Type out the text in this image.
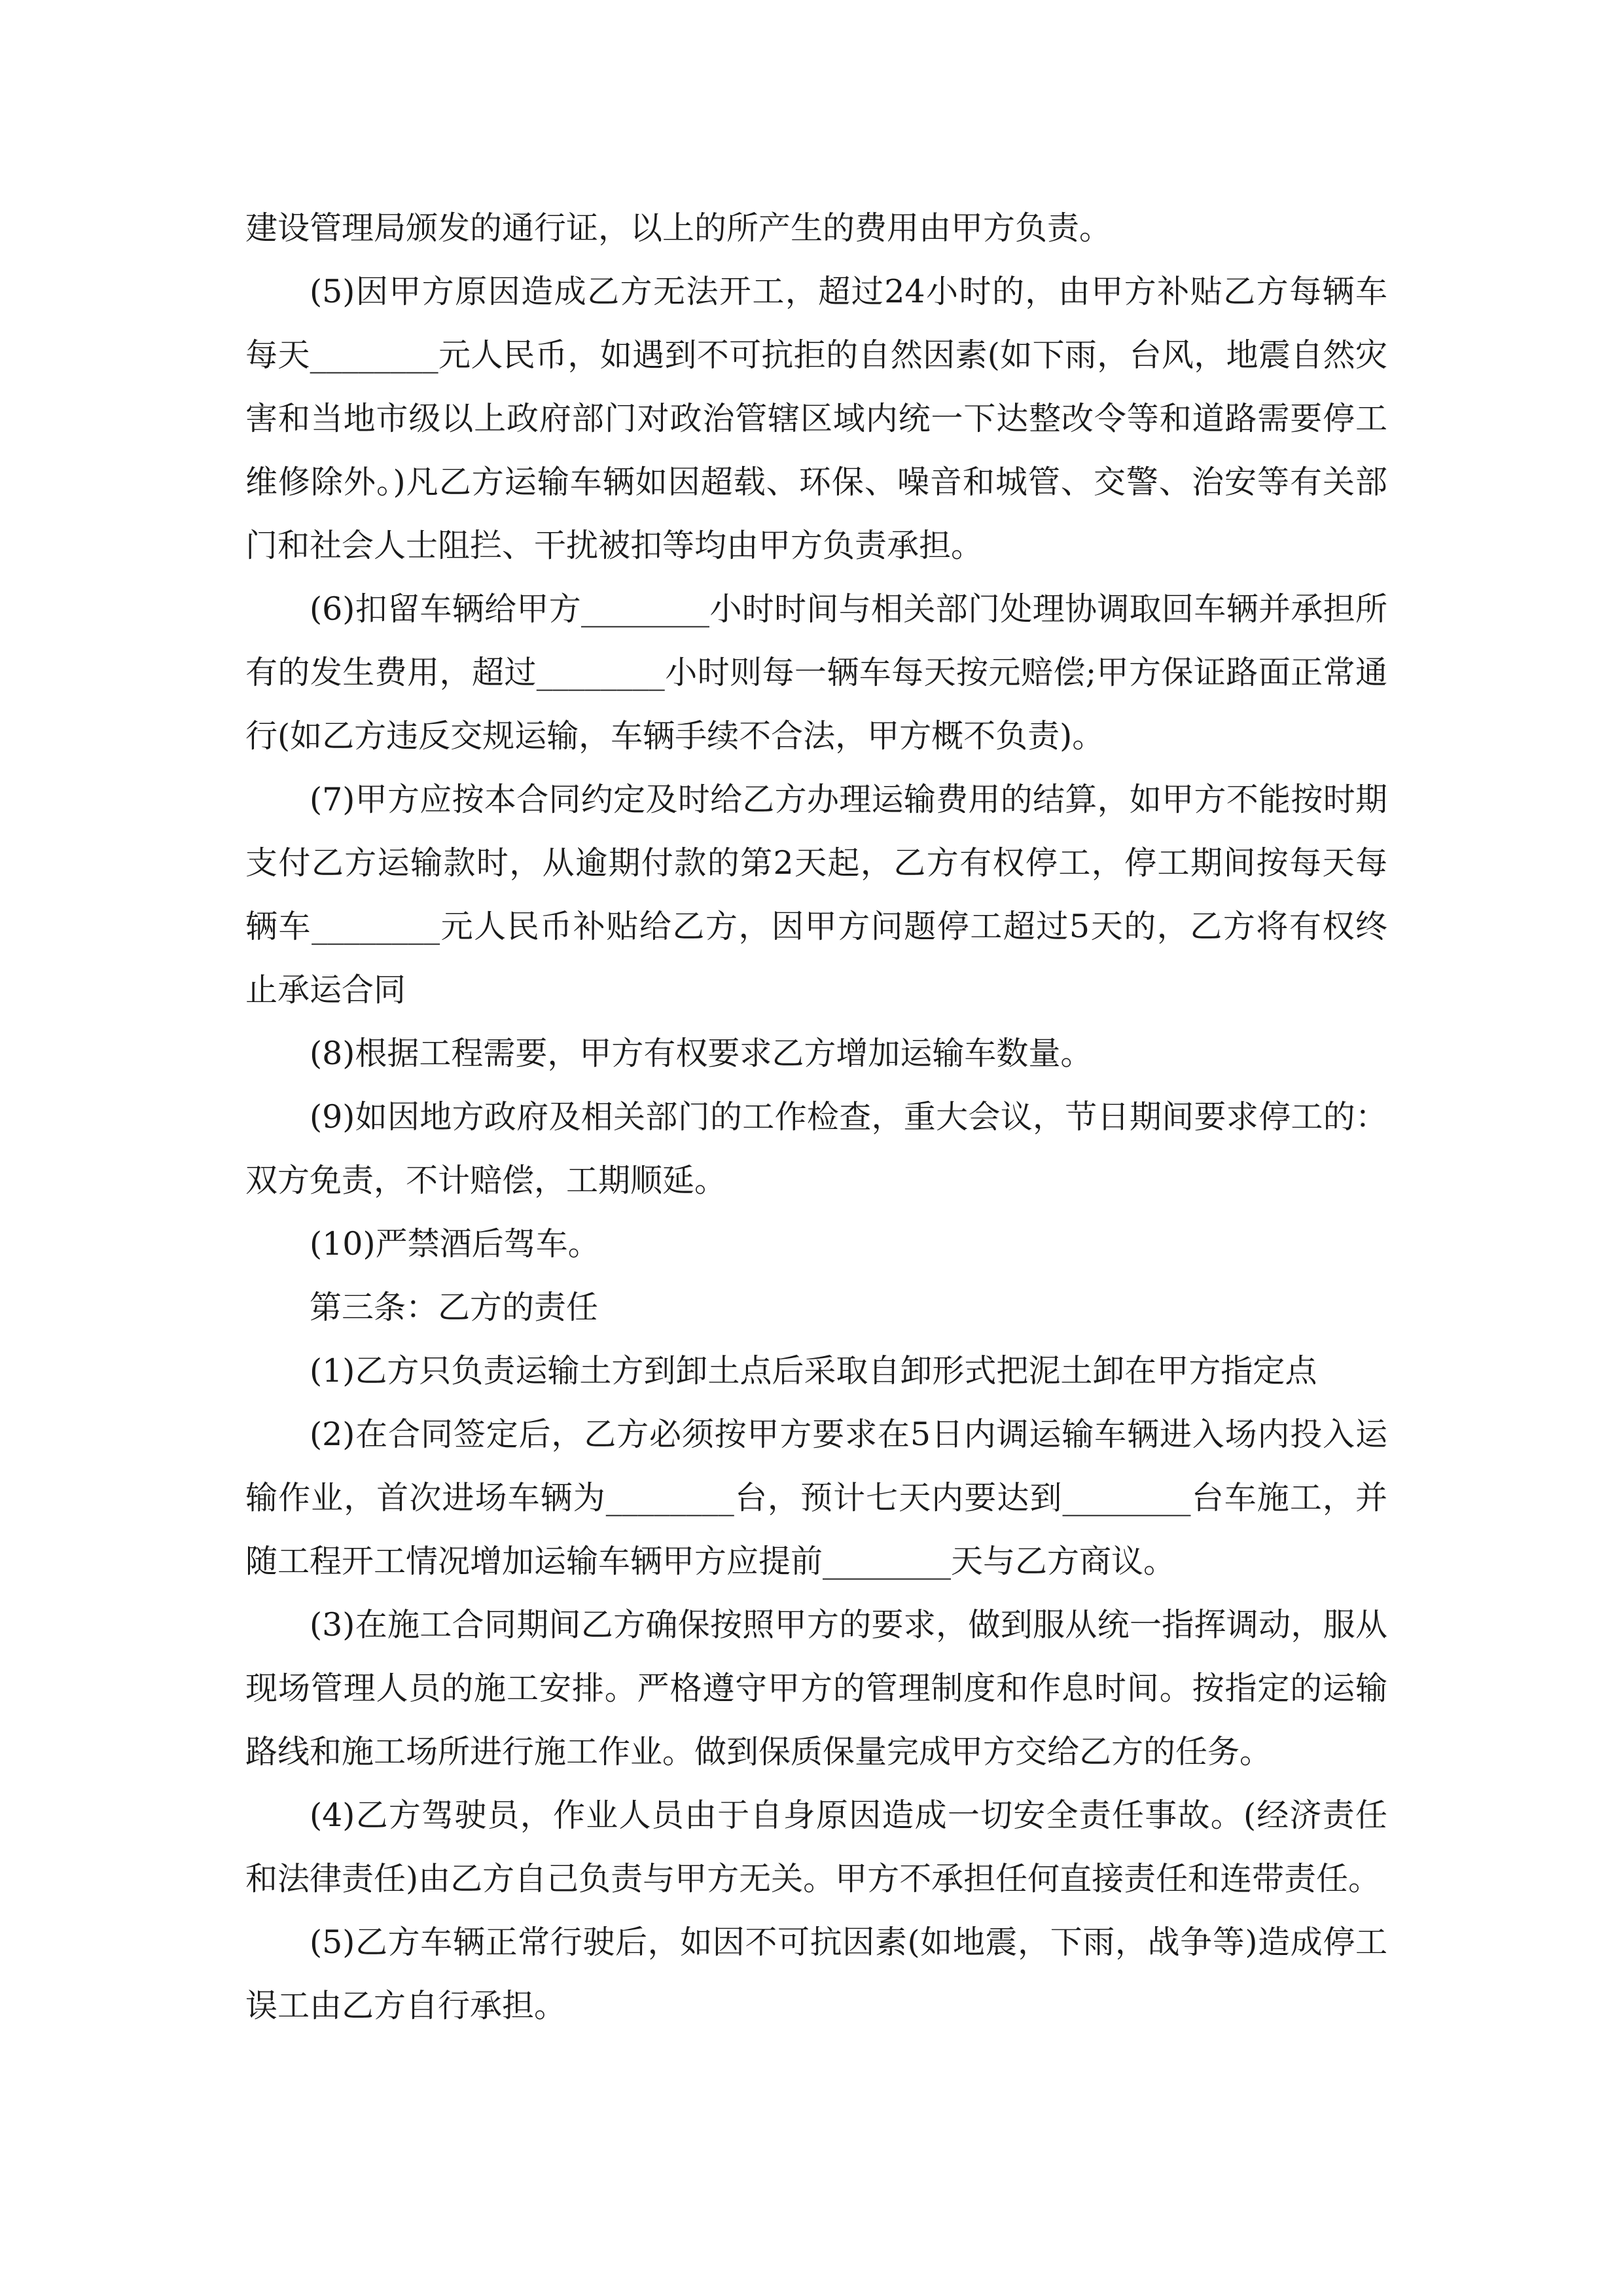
建设管理局颁发的通行证，以上的所产生的费用由甲方负责。

(5)因甲方原因造成乙方无法开工，超过24小时的，由甲方补贴乙方每辆车每天________元人民币，如遇到不可抗拒的自然因素(如下雨，台风，地震自然灾害和当地市级以上政府部门对政治管辖区域内统一下达整改令等和道路需要停工维修除外。)凡乙方运输车辆如因超载、环保、噪音和城管、交警、治安等有关部门和社会人士阻拦、干扰被扣等均由甲方负责承担。

(6)扣留车辆给甲方________小时时间与相关部门处理协调取回车辆并承担所有的发生费用，超过________小时则每一辆车每天按元赔偿;甲方保证路面正常通行(如乙方违反交规运输，车辆手续不合法，甲方概不负责)。

(7)甲方应按本合同约定及时给乙方办理运输费用的结算，如甲方不能按时期支付乙方运输款时，从逾期付款的第2天起，乙方有权停工，停工期间按每天每辆车________元人民币补贴给乙方，因甲方问题停工超过5天的，乙方将有权终止承运合同

(8)根据工程需要，甲方有权要求乙方增加运输车数量。

(9)如因地方政府及相关部门的工作检查，重大会议，节日期间要求停工的：双方免责，不计赔偿，工期顺延。

(10)严禁酒后驾车。

第三条：乙方的责任

(1)乙方只负责运输土方到卸土点后采取自卸形式把泥土卸在甲方指定点

(2)在合同签定后，乙方必须按甲方要求在5日内调运输车辆进入场内投入运输作业，首次进场车辆为________台，预计七天内要达到________台车施工，并随工程开工情况增加运输车辆甲方应提前________天与乙方商议。

(3)在施工合同期间乙方确保按照甲方的要求，做到服从统一指挥调动，服从现场管理人员的施工安排。严格遵守甲方的管理制度和作息时间。按指定的运输路线和施工场所进行施工作业。做到保质保量完成甲方交给乙方的任务。

(4)乙方驾驶员，作业人员由于自身原因造成一切安全责任事故。(经济责任和法律责任)由乙方自己负责与甲方无关。甲方不承担任何直接责任和连带责任。

(5)乙方车辆正常行驶后，如因不可抗因素(如地震，下雨，战争等)造成停工误工由乙方自行承担。
